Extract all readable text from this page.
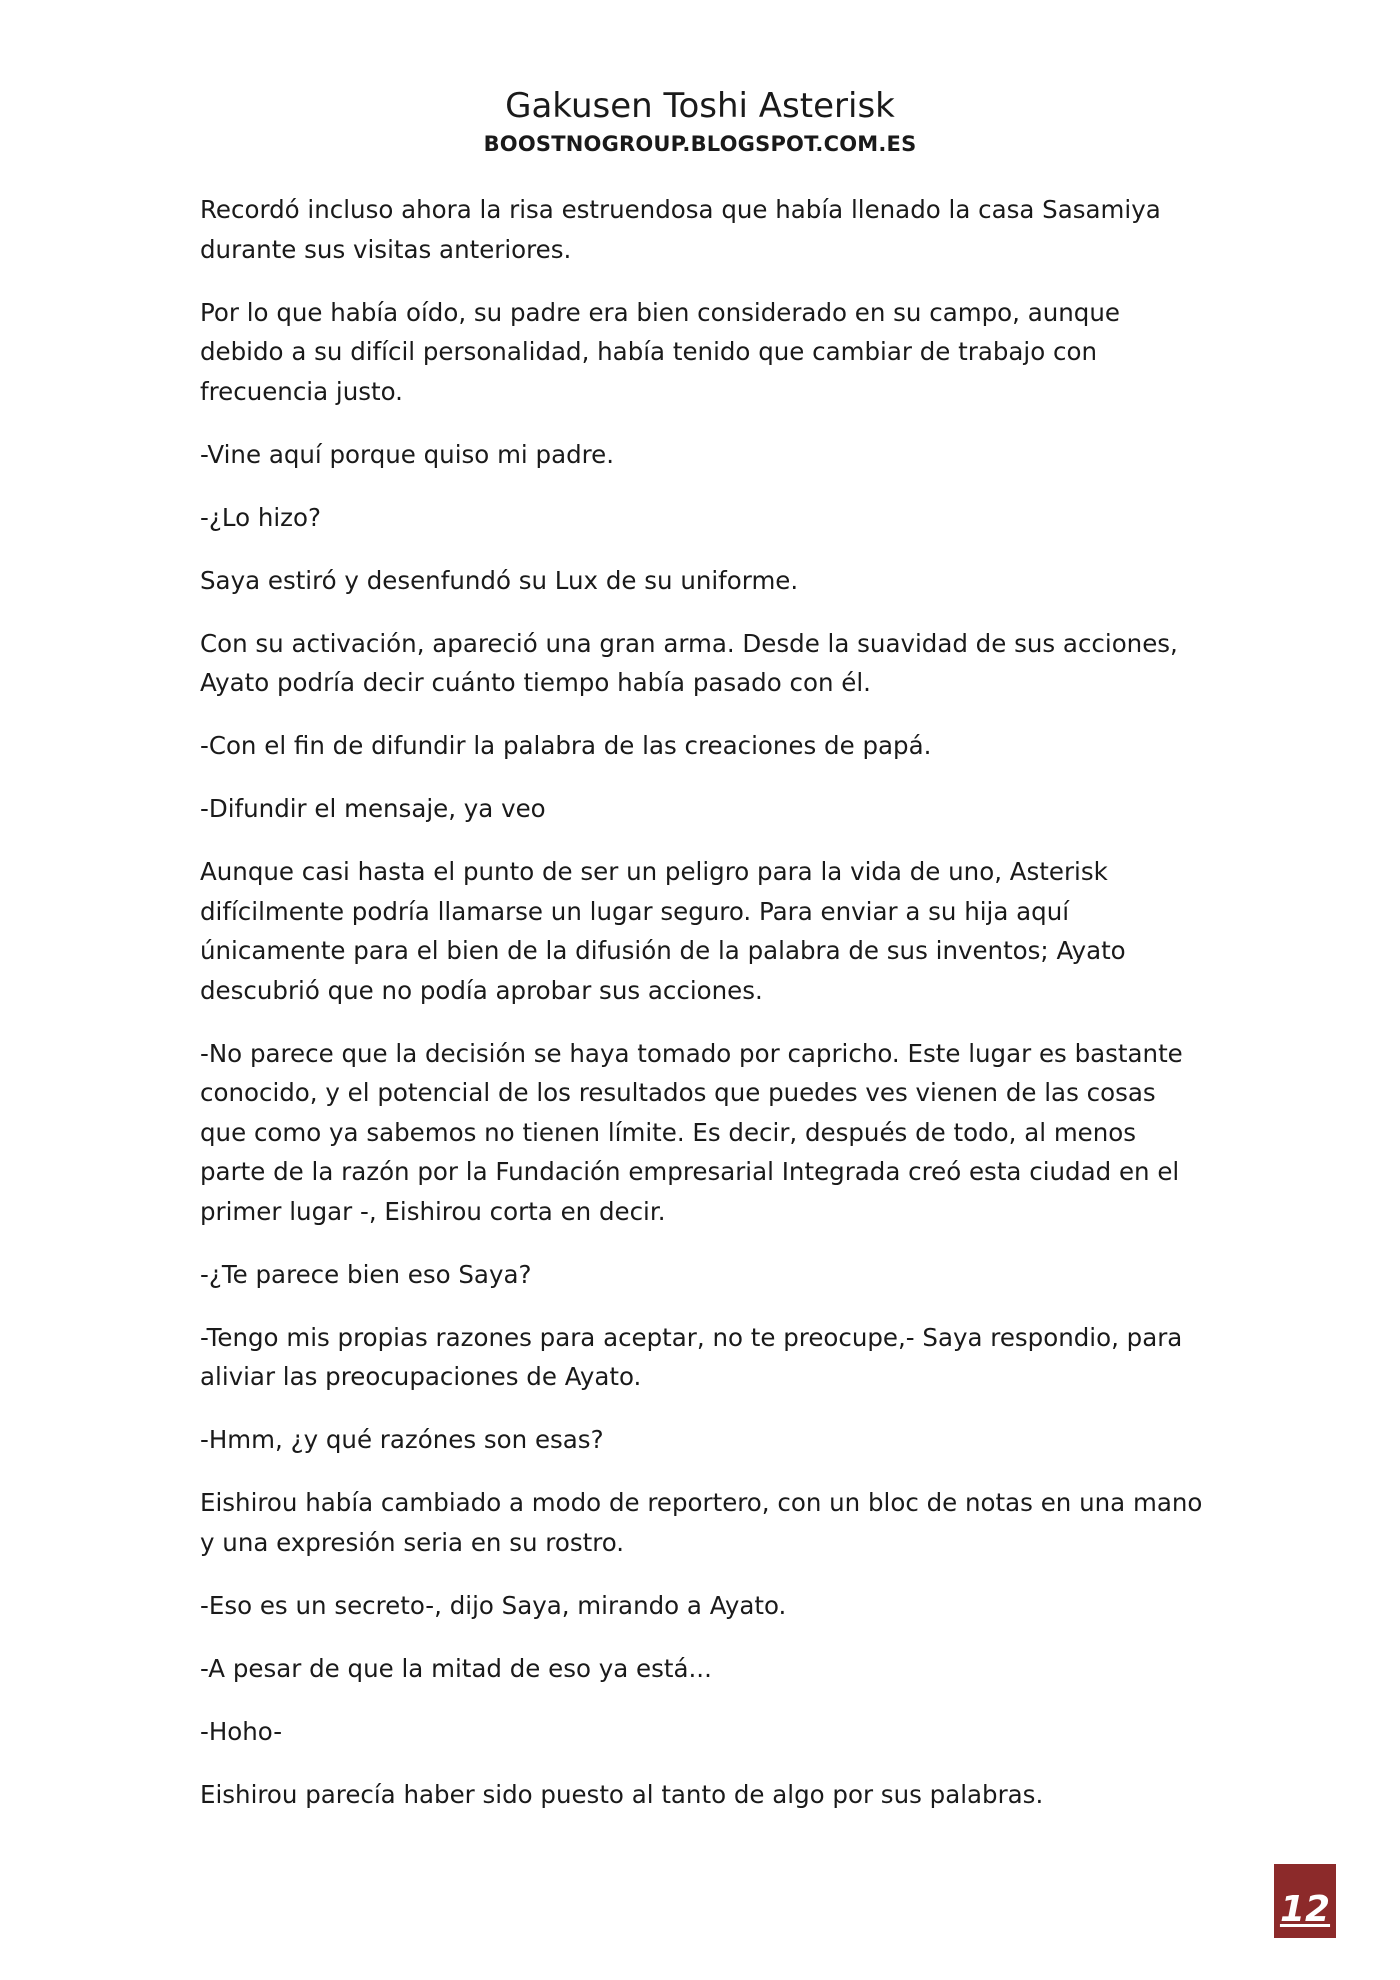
Gakusen Toshi Asterisk
BOOSTNOGROUP.BLOGSPOT.COM.ES

Recordó incluso ahora la risa estruendosa que había llenado la casa Sasamiya durante sus visitas anteriores.

Por lo que había oído, su padre era bien considerado en su campo, aunque debido a su difícil personalidad, había tenido que cambiar de trabajo con frecuencia justo.

-Vine aquí porque quiso mi padre.

-¿Lo hizo?

Saya estiró y desenfundó su Lux de su uniforme.

Con su activación, apareció una gran arma. Desde la suavidad de sus acciones, Ayato podría decir cuánto tiempo había pasado con él.

-Con el fin de difundir la palabra de las creaciones de papá.

-Difundir el mensaje, ya veo

Aunque casi hasta el punto de ser un peligro para la vida de uno, Asterisk difícilmente podría llamarse un lugar seguro. Para enviar a su hija aquí únicamente para el bien de la difusión de la palabra de sus inventos; Ayato descubrió que no podía aprobar sus acciones.

-No parece que la decisión se haya tomado por capricho. Este lugar es bastante conocido, y el potencial de los resultados que puedes ves vienen de las cosas que como ya sabemos no tienen límite. Es decir, después de todo, al menos parte de la razón por la Fundación empresarial Integrada creó esta ciudad en el primer lugar -, Eishirou corta en decir.

-¿Te parece bien eso Saya?

-Tengo mis propias razones para aceptar, no te preocupe,- Saya respondio, para aliviar las preocupaciones de Ayato.

-Hmm, ¿y qué razónes son esas?

Eishirou había cambiado a modo de reportero, con un bloc de notas en una mano y una expresión seria en su rostro.

-Eso es un secreto-, dijo Saya, mirando a Ayato.

-A pesar de que la mitad de eso ya está...

-Hoho-

Eishirou parecía haber sido puesto al tanto de algo por sus palabras.

12
